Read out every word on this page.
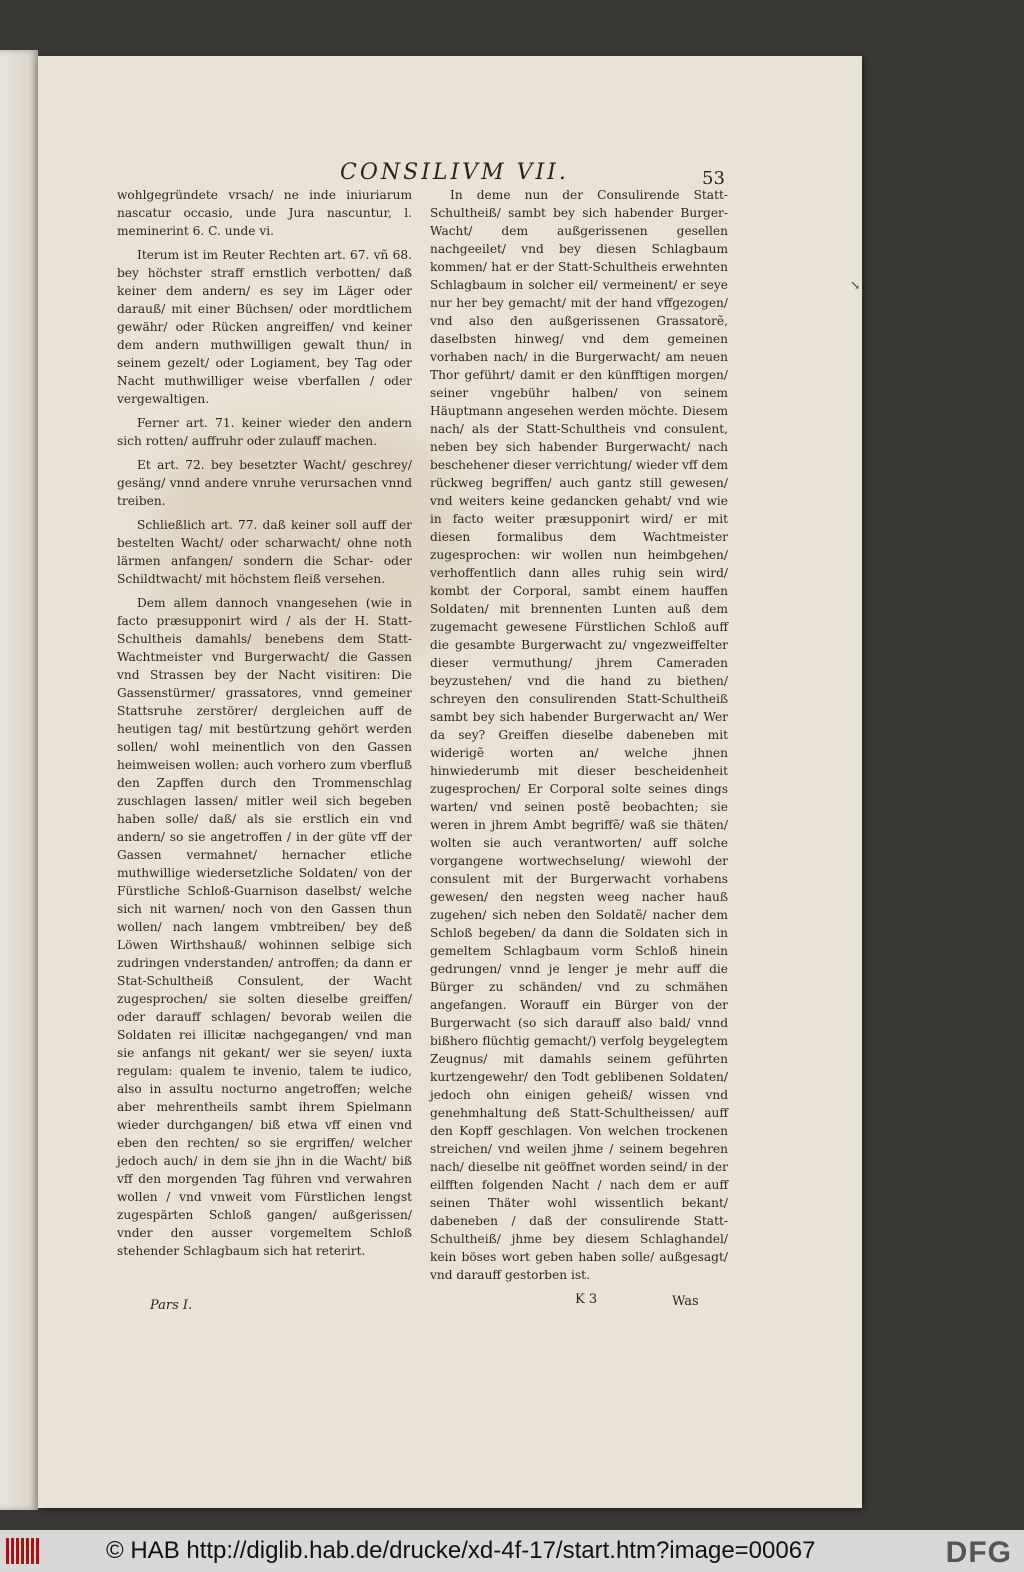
CONSILIVM VII.	53

wohlgegründete vrsach/ ne inde iniuriarum nascatur occasio, unde Jura nascuntur, l. meminerint 6. C. unde vi.

Iterum ist im Reuter Rechten art. 67. vñ 68. bey höchster straff ernstlich verbotten/ daß keiner dem andern/ es sey im Läger oder darauß/ mit einer Büchsen/ oder mordtlichem gewähr/ oder Rücken angreiffen/ vnd keiner dem andern muthwilligen gewalt thun/ in seinem gezelt/ oder Logiament, bey Tag oder Nacht muthwilliger weise vberfallen / oder vergewaltigen.

Ferner art. 71. keiner wieder den andern sich rotten/ auffruhr oder zulauff machen.

Et art. 72. bey besetzter Wacht/ geschrey/ gesäng/ vnnd andere vnruhe verursachen vnnd treiben.

Schließlich art. 77. daß keiner soll auff der bestelten Wacht/ oder scharwacht/ ohne noth lärmen anfangen/ sondern die Schar- oder Schildtwacht/ mit höchstem fleiß versehen.

Dem allem dannoch vnangesehen (wie in facto præsupponirt wird / als der H. Statt-Schultheis damahls/ benebens dem Statt-Wachtmeister vnd Burgerwacht/ die Gassen vnd Strassen bey der Nacht visitiren: Die Gassenstürmer/ grassatores, vnnd gemeiner Stattsruhe zerstörer/ dergleichen auff de heutigen tag/ mit bestürtzung gehört werden sollen/ wohl meinentlich von den Gassen heimweisen wollen: auch vorhero zum vberfluß den Zapffen durch den Trommenschlag zuschlagen lassen/ mitler weil sich begeben haben solle/ daß/ als sie erstlich ein vnd andern/ so sie angetroffen / in der güte vff der Gassen vermahnet/ hernacher etliche muthwillige wiedersetzliche Soldaten/ von der Fürstliche Schloß-Guarnison daselbst/ welche sich nit warnen/ noch von den Gassen thun wollen/ nach langem vmbtreiben/ bey deß Löwen Wirthshauß/ wohinnen selbige sich zudringen vnderstanden/ antroffen; da dann er Stat-Schultheiß Consulent, der Wacht zugesprochen/ sie solten dieselbe greiffen/ oder darauff schlagen/ bevorab weilen die Soldaten rei illicitæ nachgegangen/ vnd man sie anfangs nit gekant/ wer sie seyen/ iuxta regulam: qualem te invenio, talem te iudico, also in assultu nocturno angetroffen; welche aber mehrentheils sambt ihrem Spielmann wieder durchgangen/ biß etwa vff einen vnd eben den rechten/ so sie ergriffen/ welcher jedoch auch/ in dem sie jhn in die Wacht/ biß vff den morgenden Tag führen vnd verwahren wollen / vnd vnweit vom Fürstlichen lengst zugespärten Schloß gangen/ außgerissen/ vnder den ausser vorgemeltem Schloß stehender Schlagbaum sich hat reterirt.

In deme nun der Consulirende Statt-Schultheiß/ sambt bey sich habender Burger-Wacht/ dem außgerissenen gesellen nachgeeilet/ vnd bey diesen Schlagbaum kommen/ hat er der Statt-Schultheis erwehnten Schlagbaum in solcher eil/ vermeinent/ er seye nur her bey gemacht/ mit der hand vffgezogen/ vnd also den außgerissenen Grassatorẽ, daselbsten hinweg/ vnd dem gemeinen vorhaben nach/ in die Burgerwacht/ am neuen Thor geführt/ damit er den künfftigen morgen/ seiner vngebühr halben/ von seinem Häuptmann angesehen werden möchte. Diesem nach/ als der Statt-Schultheis vnd consulent, neben bey sich habender Burgerwacht/ nach beschehener dieser verrichtung/ wieder vff dem rückweg begriffen/ auch gantz still gewesen/ vnd weiters keine gedancken gehabt/ vnd wie in facto weiter præsupponirt wird/ er mit diesen formalibus dem Wachtmeister zugesprochen: wir wollen nun heimbgehen/ verhoffentlich dann alles ruhig sein wird/ kombt der Corporal, sambt einem hauffen Soldaten/ mit brennenten Lunten auß dem zugemacht gewesene Fürstlichen Schloß auff die gesambte Burgerwacht zu/ vngezweiffelter dieser vermuthung/ jhrem Cameraden beyzustehen/ vnd die hand zu biethen/ schreyen den consulirenden Statt-Schultheiß sambt bey sich habender Burgerwacht an/ Wer da sey? Greiffen dieselbe dabeneben mit widerigẽ worten an/ welche jhnen hinwiederumb mit dieser bescheidenheit zugesprochen/ Er Corporal solte seines dings warten/ vnd seinen postẽ beobachten; sie weren in jhrem Ambt begriffẽ/ waß sie thäten/ wolten sie auch verantworten/ auff solche vorgangene wortwechselung/ wiewohl der consulent mit der Burgerwacht vorhabens gewesen/ den negsten weeg nacher hauß zugehen/ sich neben den Soldatẽ/ nacher dem Schloß begeben/ da dann die Soldaten sich in gemeltem Schlagbaum vorm Schloß hinein gedrungen/ vnnd je lenger je mehr auff die Bürger zu schänden/ vnd zu schmähen angefangen. Worauff ein Bürger von der Burgerwacht (so sich darauff also bald/ vnnd bißhero flüchtig gemacht/) verfolg beygelegtem Zeugnus/ mit damahls seinem geführten kurtzengewehr/ den Todt geblibenen Soldaten/ jedoch ohn einigen geheiß/ wissen vnd genehmhaltung deß Statt-Schultheissen/ auff den Kopff geschlagen. Von welchen trockenen streichen/ vnd weilen jhme / seinem begehren nach/ dieselbe nit geöffnet worden seind/ in der eilfften folgenden Nacht / nach dem er auff seinen Thäter wohl wissentlich bekant/ dabeneben / daß der consulirende Statt-Schultheiß/ jhme bey diesem Schlaghandel/ kein böses wort geben haben solle/ außgesagt/ vnd darauff gestorben ist.

↘
Pars I.	K 3	Was
© HAB http://diglib.hab.de/drucke/xd-4f-17/start.htm?image=00067	DFG
